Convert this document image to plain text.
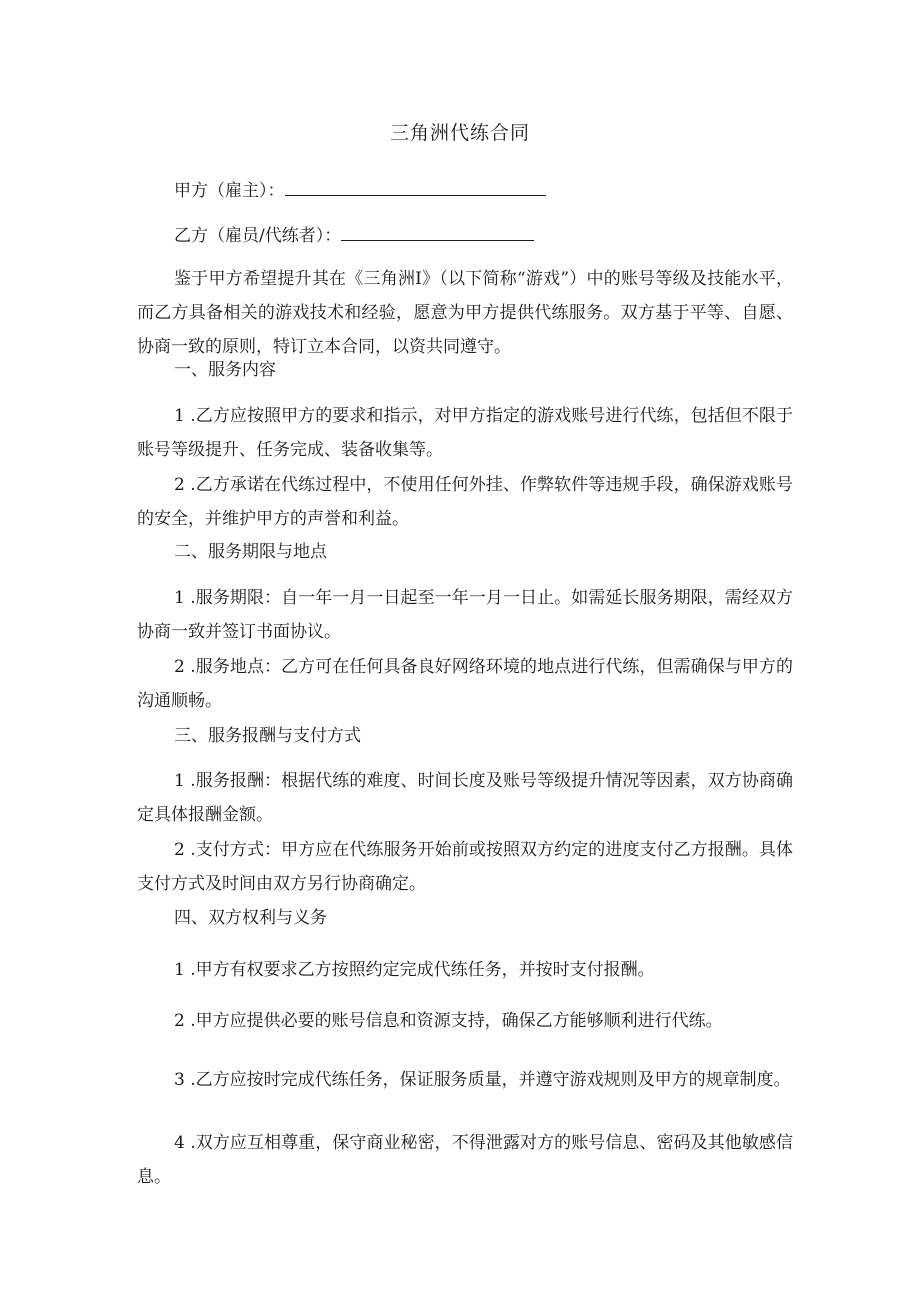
三角洲代练合同
甲方（雇主）：
乙方（雇员/代练者）：
鉴于甲方希望提升其在《三角洲I》（以下简称“游戏”）中的账号等级及技能水平，而乙方具备相关的游戏技术和经验，愿意为甲方提供代练服务。双方基于平等、自愿、协商一致的原则，特订立本合同，以资共同遵守。
一、服务内容
1 .乙方应按照甲方的要求和指示，对甲方指定的游戏账号进行代练，包括但不限于账号等级提升、任务完成、装备收集等。
2 .乙方承诺在代练过程中，不使用任何外挂、作弊软件等违规手段，确保游戏账号的安全，并维护甲方的声誉和利益。
二、服务期限与地点
1 .服务期限：自一年一月一日起至一年一月一日止。如需延长服务期限，需经双方协商一致并签订书面协议。
2 .服务地点：乙方可在任何具备良好网络环境的地点进行代练，但需确保与甲方的沟通顺畅。
三、服务报酬与支付方式
1 .服务报酬：根据代练的难度、时间长度及账号等级提升情况等因素，双方协商确定具体报酬金额。
2 .支付方式：甲方应在代练服务开始前或按照双方约定的进度支付乙方报酬。具体支付方式及时间由双方另行协商确定。
四、双方权利与义务
1 .甲方有权要求乙方按照约定完成代练任务，并按时支付报酬。
2 .甲方应提供必要的账号信息和资源支持，确保乙方能够顺利进行代练。
3 .乙方应按时完成代练任务，保证服务质量，并遵守游戏规则及甲方的规章制度。
4 .双方应互相尊重，保守商业秘密，不得泄露对方的账号信息、密码及其他敏感信息。
